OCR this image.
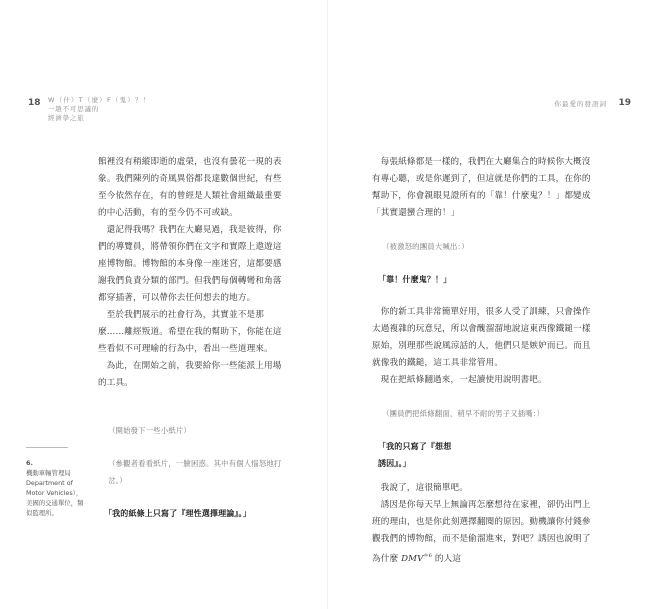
18 W（什）T（麼）F（鬼）？！
一趟不可思議的
經濟學之旅

館裡沒有稍縱即逝的虛榮，也沒有曇花一現的表象。我們陳列的奇風異俗都長達數個世紀，有些至今依然存在，有的曾經是人類社會組織最重要的中心活動，有的至今仍不可或缺。

還記得我嗎？我們在大廳見過，我是彼得，你們的導覽員，將帶領你們在文字和實際上遨遊這座博物館。博物館的本身像一座迷宮，這都要感謝我們負責分類的部門。但我們每個轉彎和角落都穿插著，可以帶你去任何想去的地方。

至於我們展示的社會行為，其實並不是那麼……離經叛道。希望在我的幫助下，你能在這些看似不可理喻的行為中，看出一些道理來。

為此，在開始之前，我要給你一些能派上用場的工具。

（開始發下一些小紙片）

（參觀者看看紙片，一臉困惑。其中有個人惱怒地打岔。）

「我的紙條上只寫了『理性選擇理論』。」

6.
機動車輛管理局 Department of Motor Vehicles），美國的交通單位，類似監理所。
你最愛的發語詞 19

每張紙條都是一樣的，我們在大廳集合的時候你大概沒有專心聽，或是你遲到了，但這就是你們的工具，在你的幫助下，你會親眼見證所有的「靠！什麼鬼？！」都變成「其實還蠻合理的！」

（被激怒的團員大喊出：）

「靠！什麼鬼？！」

你的新工具非常簡單好用，很多人受了訓練，只會操作太過複雜的玩意兒，所以會醜溜溜地說這東西像鐵鎚一樣原始，別理那些說風涼話的人，他們只是嫉妒而已。而且就像我的鐵鎚，這工具非常管用。

現在把紙條翻過來，一起讀使用說明書吧。

（團員們把紙條翻面，稍早不耐的男子又插嘴：）

「我的只寫了『想想
誘因』。」

我說了，這很簡單吧。

誘因是你每天早上無論再怎麼想待在家裡，卻仍出門上班的理由，也是你此刻選擇翻閱的原因。動機讓你付錢參觀我們的博物館，而不是偷溜進來，對吧？誘因也說明了為什麼 $DMV^{*6}$ 的人這
